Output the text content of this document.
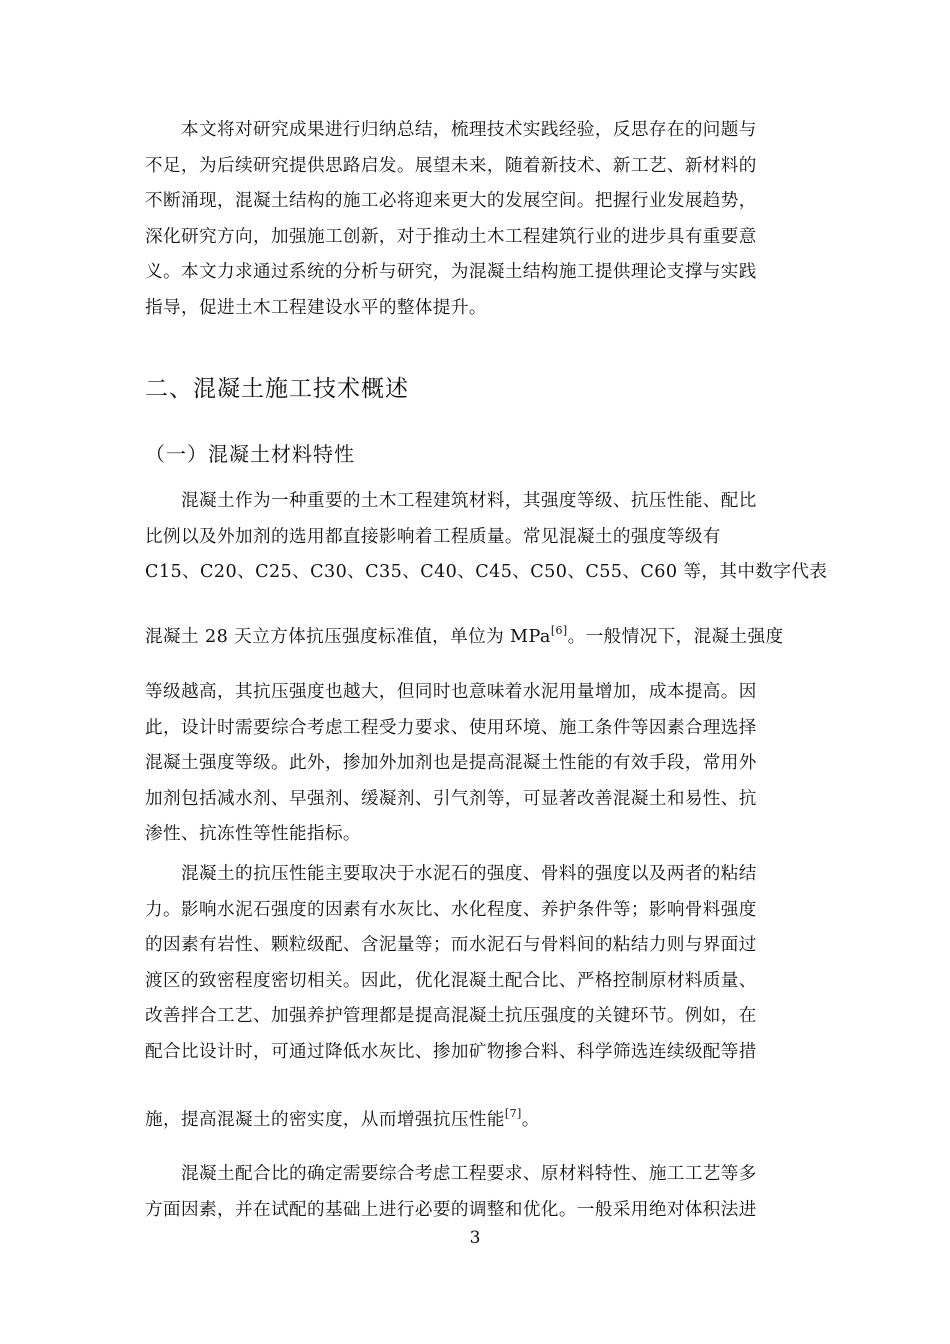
　　本文将对研究成果进行归纳总结，梳理技术实践经验，反思存在的问题与
不足，为后续研究提供思路启发。展望未来，随着新技术、新工艺、新材料的
不断涌现，混凝土结构的施工必将迎来更大的发展空间。把握行业发展趋势，
深化研究方向，加强施工创新，对于推动土木工程建筑行业的进步具有重要意
义。本文力求通过系统的分析与研究，为混凝土结构施工提供理论支撑与实践
指导，促进土木工程建设水平的整体提升。
二、混凝土施工技术概述
（一）混凝土材料特性
　　混凝土作为一种重要的土木工程建筑材料，其强度等级、抗压性能、配比
比例以及外加剂的选用都直接影响着工程质量。常见混凝土的强度等级有
C15、C20、C25、C30、C35、C40、C45、C50、C55、C60 等，其中数字代表
混凝土 28 天立方体抗压强度标准值，单位为 MPa[6]。一般情况下，混凝土强度
等级越高，其抗压强度也越大，但同时也意味着水泥用量增加，成本提高。因
此，设计时需要综合考虑工程受力要求、使用环境、施工条件等因素合理选择
混凝土强度等级。此外，掺加外加剂也是提高混凝土性能的有效手段，常用外
加剂包括减水剂、早强剂、缓凝剂、引气剂等，可显著改善混凝土和易性、抗
渗性、抗冻性等性能指标。
　　混凝土的抗压性能主要取决于水泥石的强度、骨料的强度以及两者的粘结
力。影响水泥石强度的因素有水灰比、水化程度、养护条件等；影响骨料强度
的因素有岩性、颗粒级配、含泥量等；而水泥石与骨料间的粘结力则与界面过
渡区的致密程度密切相关。因此，优化混凝土配合比、严格控制原材料质量、
改善拌合工艺、加强养护管理都是提高混凝土抗压强度的关键环节。例如，在
配合比设计时，可通过降低水灰比、掺加矿物掺合料、科学筛选连续级配等措
施，提高混凝土的密实度，从而增强抗压性能[7]。
　　混凝土配合比的确定需要综合考虑工程要求、原材料特性、施工工艺等多
方面因素，并在试配的基础上进行必要的调整和优化。一般采用绝对体积法进
3
